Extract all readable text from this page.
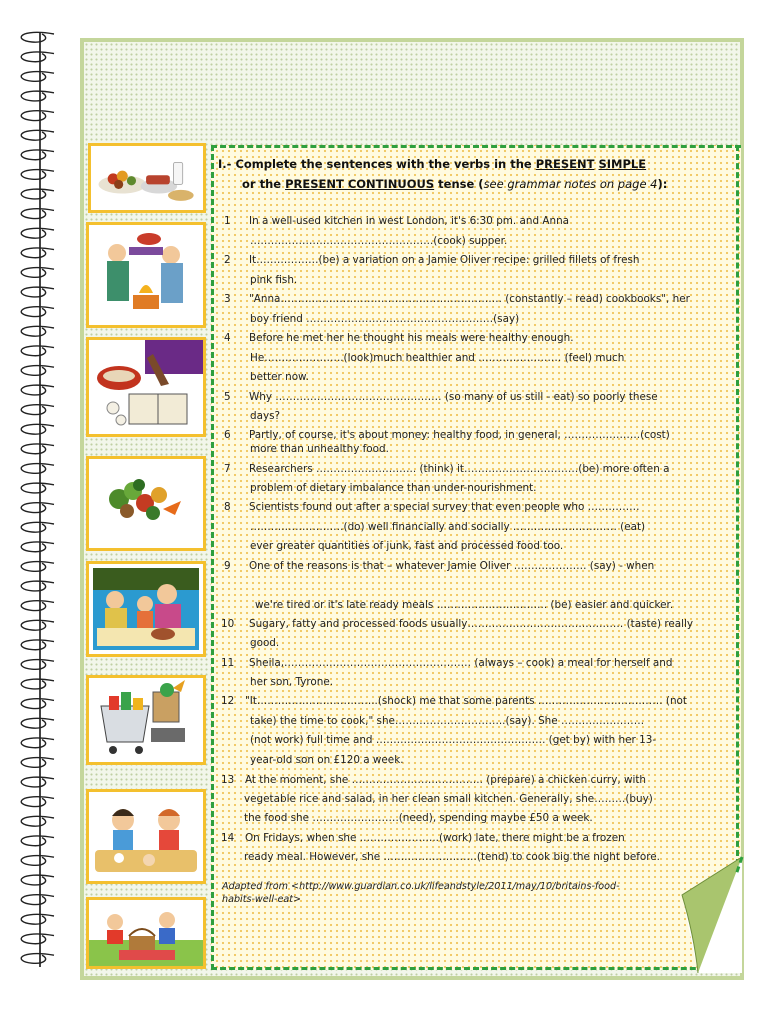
I.- Complete the sentences with the verbs in the PRESENT SIMPLE
or the PRESENT CONTINUOUS tense (see grammar notes on page 4):
1 In a well-used kitchen in west London, it's 6:30 pm. and Anna
……………………………………………..(cook) supper.
2 It………………(be) a variation on a Jamie Oliver recipe: grilled fillets of fresh
pink fish.
3 "Anna………………………………………………………. (constantly – read) cookbooks", her
boy friend ………………………………………………(say)
4 Before he met her he thought his meals were healthy enough.
He…………………..(look)much healthier and …………………… (feel) much
better now.
5 Why ………………………………………… (so many of us still - eat) so poorly these
days?
6 Partly, of course, it's about money: healthy food, in general, ………………….(cost)
more than unhealthy food.
7 Researchers ……………………….. (think) it……………………………(be) more often a
problem of dietary imbalance than under-nourishment.
8 Scientists found out after a special survey that even people who ……………
………………………(do) well financially and socially ………………………… (eat)
ever greater quantities of junk, fast and processed food too.
9 One of the reasons is that – whatever Jamie Oliver ………………… (say) - when
we're tired or it's late ready meals ………………………….. (be) easier and quicker.
10 Sugary, fatty and processed foods usually……………………………………… (taste) really
good.
11 Sheila,……………………………………………… (always – cook) a meal for herself and
her son, Tyrone.
12 "It……………………………..(shock) me that some parents ……………………………… (not
take) the time to cook," she…………………………..(say). She ……………………
(not work) full time and …………………………………………. (get by) with her 13-
year-old son on £120 a week.
13 At the moment, she ……………………………….. (prepare) a chicken curry, with
vegetable rice and salad, in her clean small kitchen. Generally, she………(buy)
the food she …………………….(need), spending maybe £50 a week.
14 On Fridays, when she …………………..(work) late, there might be a frozen
ready meal. However, she ………………………(tend) to cook big the night before.
Adapted from <http://www.guardian.co.uk/lifeandstyle/2011/may/10/britains-food-
habits-well-eat>
